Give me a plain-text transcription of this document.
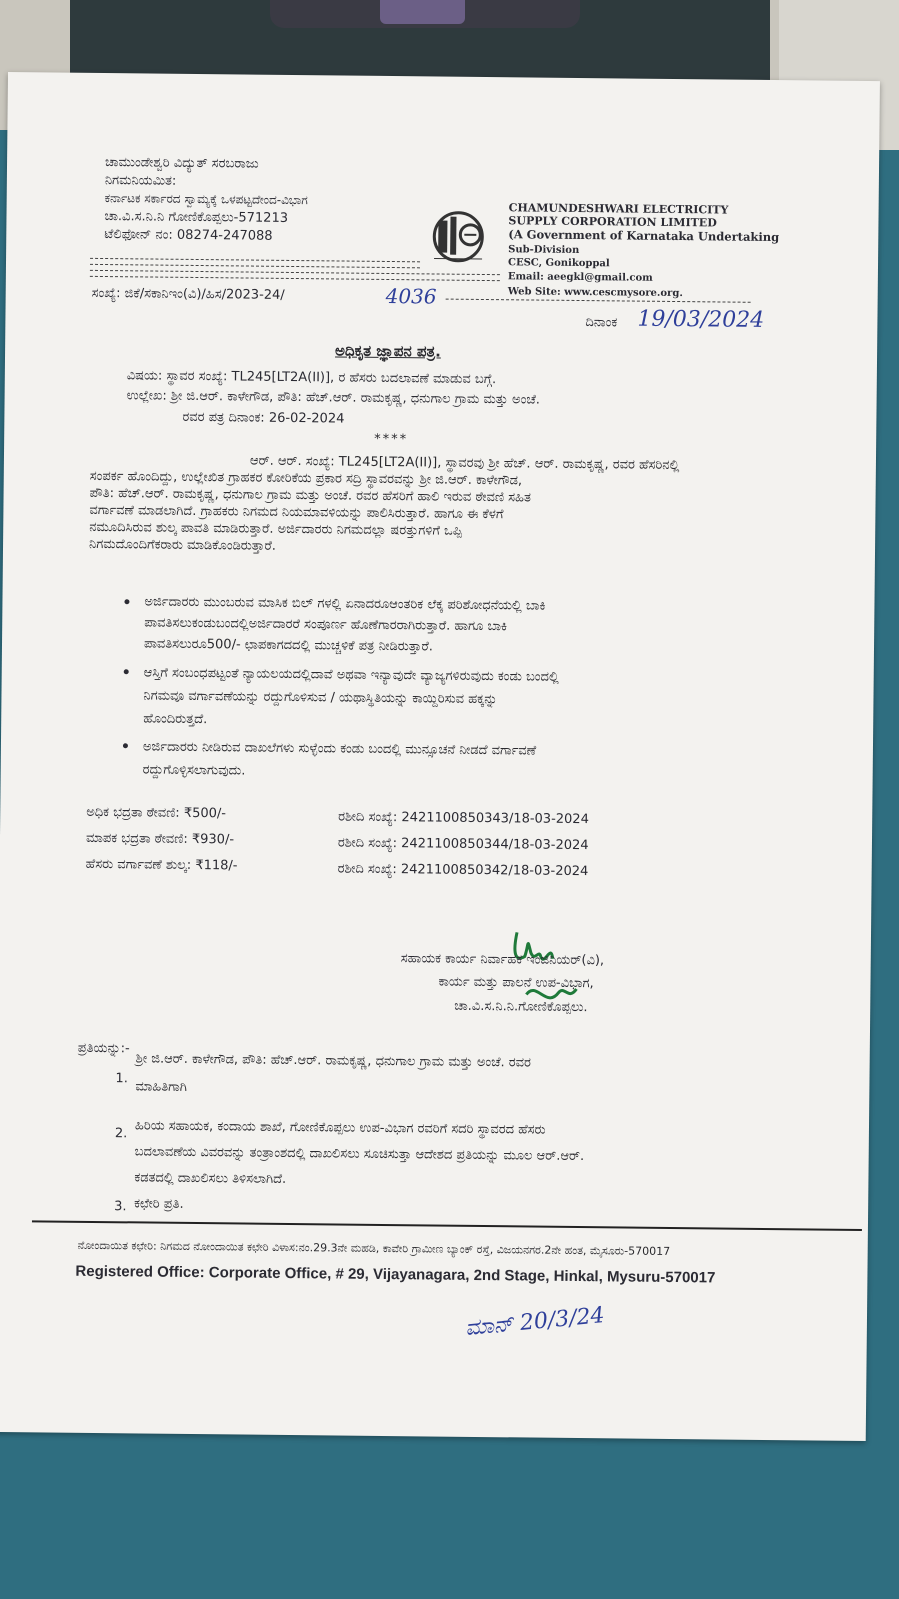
ಚಾಮುಂಡೇಶ್ವರಿ ವಿದ್ಯುತ್ ಸರಬರಾಜು
ನಿಗಮನಿಯಮಿತ:
ಕರ್ನಾಟಕ ಸರ್ಕಾರದ ಸ್ವಾಮ್ಯಕ್ಕೆ ಒಳಪಟ್ಟದೇಂದ-ವಿಭಾಗ
ಚಾ.ವಿ.ಸ.ನಿ.ನಿ ಗೋಣಿಕೊಪ್ಪಲು-571213
ಟೆಲಿಫೋನ್ ನಂ: 08274-247088
CHAMUNDESHWARI ELECTRICITY
SUPPLY CORPORATION LIMITED
(A Government of Karnataka Undertaking
Sub-Division
CESC, Gonikoppal
Email: aeegkl@gmail.com
Web Site: www.cescmysore.org.
ಸಂಖ್ಯೆ: ಜಿಕೆ/ಸಕಾನಿಇಂ(ವಿ)/ಹಿಸ/2023-24/	4036
ದಿನಾಂಕ 19/03/2024
ಅಧಿಕೃತ ಜ್ಞಾಪನ ಪತ್ರ.
ವಿಷಯ: ಸ್ಥಾವರ ಸಂಖ್ಯೆ: TL245[LT2A(II)], ರ ಹೆಸರು ಬದಲಾವಣೆ ಮಾಡುವ ಬಗ್ಗೆ.
ಉಲ್ಲೇಖ: ಶ್ರೀ ಜಿ.ಆರ್. ಕಾಳೇಗೌಡ, ಪೌತಿ: ಹೆಚ್.ಆರ್. ರಾಮಕೃಷ್ಣ, ಧನುಗಾಲ ಗ್ರಾಮ ಮತ್ತು ಅಂಚೆ.
ರವರ ಪತ್ರ ದಿನಾಂಕ: 26-02-2024
****
ಆರ್. ಆರ್. ಸಂಖ್ಯೆ: TL245[LT2A(II)], ಸ್ಥಾವರವು ಶ್ರೀ ಹೆಚ್. ಆರ್. ರಾಮಕೃಷ್ಣ, ರವರ ಹೆಸರಿನಲ್ಲಿ
ಸಂಪರ್ಕ ಹೊಂದಿದ್ದು, ಉಲ್ಲೇಖಿತ ಗ್ರಾಹಕರ ಕೋರಿಕೆಯ ಪ್ರಕಾರ ಸದ್ರಿ ಸ್ಥಾವರವನ್ನು ಶ್ರೀ ಜಿ.ಆರ್. ಕಾಳೇಗೌಡ,
ಪೌತಿ: ಹೆಚ್.ಆರ್. ರಾಮಕೃಷ್ಣ, ಧನುಗಾಲ ಗ್ರಾಮ ಮತ್ತು ಅಂಚೆ. ರವರ ಹೆಸರಿಗೆ ಹಾಲಿ ಇರುವ ಠೇವಣಿ ಸಹಿತ
ವರ್ಗಾವಣೆ ಮಾಡಲಾಗಿದೆ. ಗ್ರಾಹಕರು ನಿಗಮದ ನಿಯಮಾವಳಿಯನ್ನು ಪಾಲಿಸಿರುತ್ತಾರೆ. ಹಾಗೂ ಈ ಕೆಳಗೆ
ನಮೂದಿಸಿರುವ ಶುಲ್ಕ ಪಾವತಿ ಮಾಡಿರುತ್ತಾರೆ. ಅರ್ಜಿದಾರರು ನಿಗಮದಲ್ಲಾ ಷರತ್ತುಗಳಿಗೆ ಒಪ್ಪಿ
ನಿಗಮದೊಂದಿಗೆಕರಾರು ಮಾಡಿಕೊಂಡಿರುತ್ತಾರೆ.
ಅರ್ಜಿದಾರರು ಮುಂಬರುವ ಮಾಸಿಕ ಬಿಲ್ ಗಳಲ್ಲಿ ಏನಾದರೂಆಂತರಿಕ ಲೆಕ್ಕ ಪರಿಶೋಧನೆಯಲ್ಲಿ ಬಾಕಿ
ಪಾವತಿಸಲುಕಂಡುಬಂದಲ್ಲಿಅರ್ಜಿದಾರರೆ ಸಂಪೂರ್ಣ ಹೊಣೆಗಾರರಾಗಿರುತ್ತಾರೆ. ಹಾಗೂ ಬಾಕಿ
ಪಾವತಿಸಲುರೂ500/- ಛಾಪಕಾಗದದಲ್ಲಿ ಮುಚ್ಚಳಿಕೆ ಪತ್ರ ನೀಡಿರುತ್ತಾರೆ.
ಆಸ್ತಿಗೆ ಸಂಬಂಧಪಟ್ಟಂತೆ ನ್ಯಾಯಲಯದಲ್ಲಿದಾವೆ ಅಥವಾ ಇನ್ಯಾವುದೇ ವ್ಯಾಜ್ಯಗಳಿರುವುದು ಕಂಡು ಬಂದಲ್ಲಿ
ನಿಗಮವೂ ವರ್ಗಾವಣೆಯನ್ನು ರದ್ದುಗೊಳಿಸುವ / ಯಥಾಸ್ಥಿತಿಯನ್ನು ಕಾಯ್ದಿರಿಸುವ ಹಕ್ಕನ್ನು
ಹೊಂದಿರುತ್ತದೆ.
ಅರ್ಜಿದಾರರು ನೀಡಿರುವ ದಾಖಲೆಗಳು ಸುಳ್ಳೆಂದು ಕಂಡು ಬಂದಲ್ಲಿ ಮುನ್ಸೂಚನೆ ನೀಡದೆ ವರ್ಗಾವಣೆ
ರದ್ದುಗೊಳ್ಳಿಸಲಾಗುವುದು.
ಅಧಿಕ ಭದ್ರತಾ ಠೇವಣಿ: ₹500/-	ರಶೀದಿ ಸಂಖ್ಯೆ: 2421100850343/18-03-2024
ಮಾಪಕ ಭದ್ರತಾ ಠೇವಣಿ: ₹930/-	ರಶೀದಿ ಸಂಖ್ಯೆ: 2421100850344/18-03-2024
ಹೆಸರು ವರ್ಗಾವಣೆ ಶುಲ್ಕ: ₹118/-	ರಶೀದಿ ಸಂಖ್ಯೆ: 2421100850342/18-03-2024
ಸಹಾಯಕ ಕಾರ್ಯ ನಿರ್ವಾಹಕ ಇಂಜಿನಿಯರ್(ವಿ),
ಕಾರ್ಯ ಮತ್ತು ಪಾಲನೆ ಉಪ-ವಿಭಾಗ,
ಚಾ.ವಿ.ಸ.ನಿ.ನಿ.ಗೋಣಿಕೊಪ್ಪಲು.
ಪ್ರತಿಯನ್ನು:-
1.
ಶ್ರೀ ಜಿ.ಆರ್. ಕಾಳೇಗೌಡ, ಪೌತಿ: ಹೆಚ್.ಆರ್. ರಾಮಕೃಷ್ಣ, ಧನುಗಾಲ ಗ್ರಾಮ ಮತ್ತು ಅಂಚೆ. ರವರ
ಮಾಹಿತಿಗಾಗಿ
2. ಹಿರಿಯ ಸಹಾಯಕ, ಕಂದಾಯ ಶಾಖೆ, ಗೋಣಿಕೊಪ್ಪಲು ಉಪ-ವಿಭಾಗ ರವರಿಗೆ ಸದರಿ ಸ್ಥಾವರದ ಹೆಸರು
ಬದಲಾವಣೆಯ ವಿವರವನ್ನು ತಂತ್ರಾಂಶದಲ್ಲಿ ದಾಖಲಿಸಲು ಸೂಚಿಸುತ್ತಾ ಆದೇಶದ ಪ್ರತಿಯನ್ನು ಮೂಲ ಆರ್.ಆರ್.
ಕಡತದಲ್ಲಿ ದಾಖಲಿಸಲು ತಿಳಿಸಲಾಗಿದೆ.
3. ಕಛೇರಿ ಪ್ರತಿ.
ನೋಂದಾಯಿತ ಕಛೇರಿ: ನಿಗಮದ ನೋಂದಾಯಿತ ಕಛೇರಿ ವಿಳಾಸ:ನಂ.29.3ನೇ ಮಹಡಿ, ಕಾವೇರಿ ಗ್ರಾಮೀಣ ಬ್ಯಾಂಕ್ ರಸ್ತೆ, ವಿಜಯನಗರ.2ನೇ ಹಂತ, ಮೈಸೂರು-570017
Registered Office: Corporate Office, # 29, Vijayanagara, 2nd Stage, Hinkal, Mysuru-570017
ಮಾನ್ 20/3/24
